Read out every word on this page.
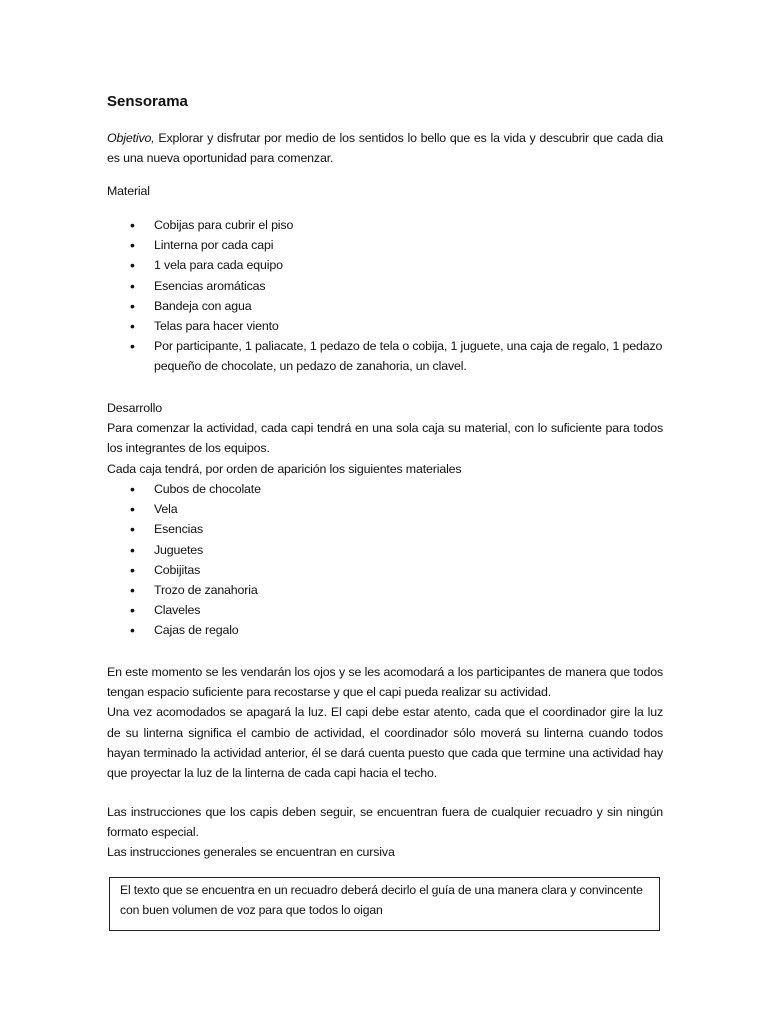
Sensorama

Objetivo, Explorar y disfrutar por medio de los sentidos lo bello que es la vida y descubrir que cada dia es una nueva oportunidad para comenzar.

Material

• Cobijas para cubrir el piso
• Linterna por cada capi
• 1 vela para cada equipo
• Esencias aromáticas
• Bandeja con agua
• Telas para hacer viento
• Por participante, 1 paliacate, 1 pedazo de tela o cobija, 1 juguete, una caja de regalo, 1 pedazo pequeño de chocolate, un pedazo de zanahoria, un clavel.

Desarrollo

Para comenzar la actividad, cada capi tendrá en una sola caja su material, con lo suficiente para todos los integrantes de los equipos.

Cada caja tendrá, por orden de aparición los siguientes materiales

• Cubos de chocolate
• Vela
• Esencias
• Juguetes
• Cobijitas
• Trozo de zanahoria
• Claveles
• Cajas de regalo

En este momento se les vendarán los ojos y se les acomodará a los participantes de manera que todos tengan espacio suficiente para recostarse y que el capi pueda realizar su actividad.

Una vez acomodados se apagará la luz. El capi debe estar atento, cada que el coordinador gire la luz de su linterna significa el cambio de actividad, el coordinador sólo moverá su linterna cuando todos hayan terminado la actividad anterior, él se dará cuenta puesto que cada que termine una actividad hay que proyectar la luz de la linterna de cada capi hacia el techo.

Las instrucciones que los capis deben seguir, se encuentran fuera de cualquier recuadro y sin ningún formato especial.

Las instrucciones generales se encuentran en cursiva

El texto que se encuentra en un recuadro deberá decirlo el guía de una manera clara y convincente con buen volumen de voz para que todos lo oigan
